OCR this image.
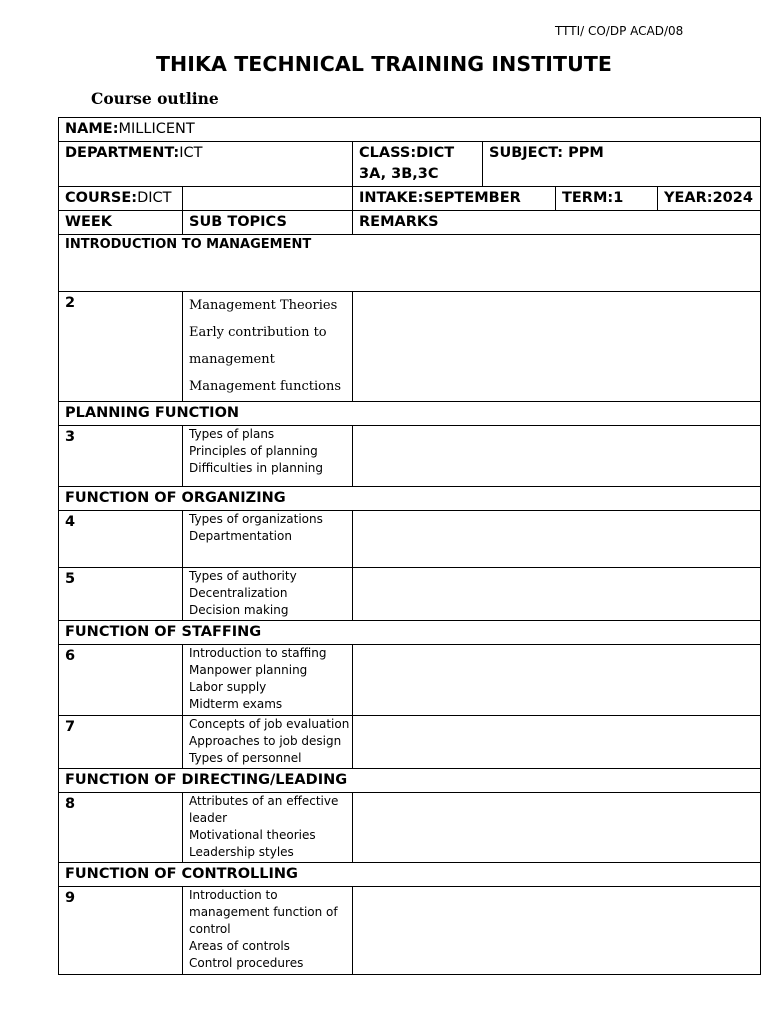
TTTI/ CO/DP ACAD/08
THIKA TECHNICAL TRAINING INSTITUTE
Course outline
NAME:MILLICENT					
DEPARTMENT:ICT		CLASS:DICT 3A, 3B,3C	SUBJECT: PPM		
COURSE:DICT		INTAKE:SEPTEMBER		TERM:1	YEAR:2024
WEEK	SUB TOPICS	REMARKS			
INTRODUCTION TO MANAGEMENT					
2	Management Theories
Early contribution to
management
Management functions				

PLANNING FUNCTION					
3	Types of plans
Principles of planning
Difficulties in planning				

FUNCTION OF ORGANIZING					
4	Types of organizations
Departmentation				

5	Types of authority
Decentralization
Decision making				

FUNCTION OF STAFFING					
6	Introduction to staffing
Manpower planning
Labor supply
Midterm exams				

7	Concepts of job evaluation
Approaches to job design
Types of personnel				

FUNCTION OF DIRECTING/LEADING					
8	Attributes of an effective leader
Motivational theories
Leadership styles				

FUNCTION OF CONTROLLING					
9	Introduction to management function of control
Areas of controls
Control procedures				
